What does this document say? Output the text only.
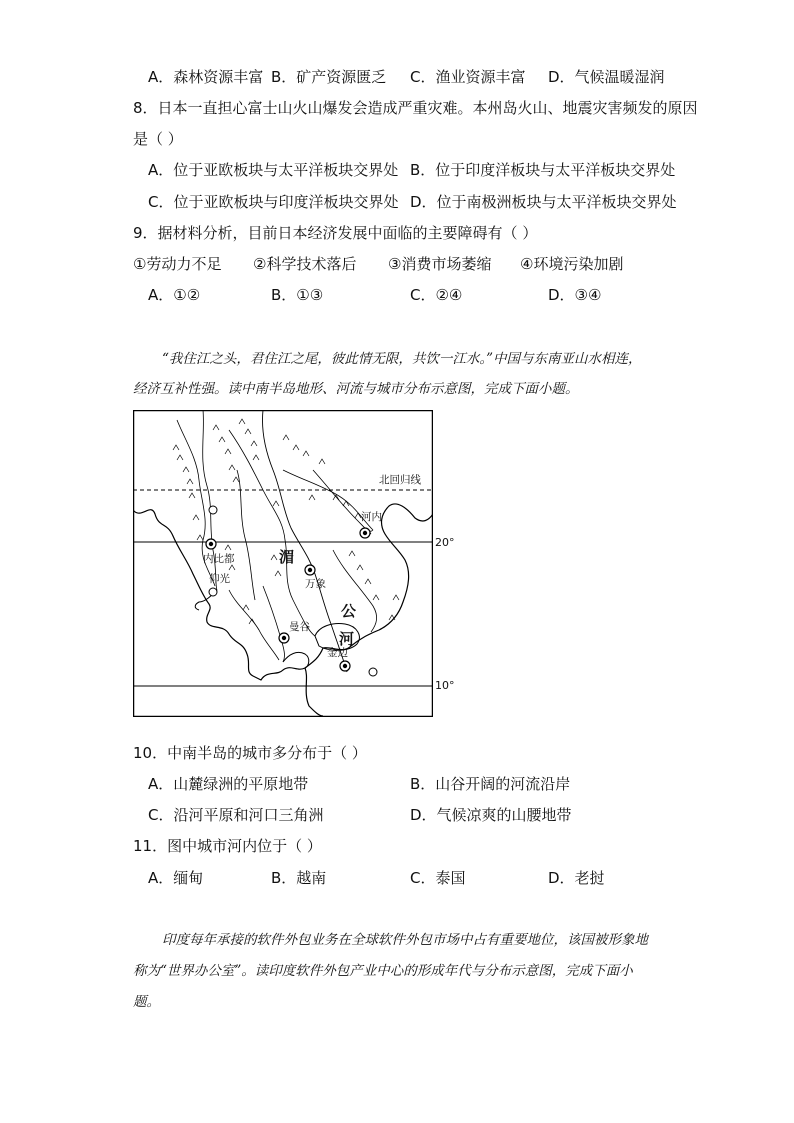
A．森林资源丰富 B．矿产资源匮乏 C．渔业资源丰富 D．气候温暖湿润
8．日本一直担心富士山火山爆发会造成严重灾难。本州岛火山、地震灾害频发的原因
是（ ）
A．位于亚欧板块与太平洋板块交界处 B．位于印度洋板块与太平洋板块交界处
C．位于亚欧板块与印度洋板块交界处 D．位于南极洲板块与太平洋板块交界处
9．据材料分析，目前日本经济发展中面临的主要障碍有（ ）
①劳动力不足 ②科学技术落后 ③消费市场萎缩 ④环境污染加剧
A．①②	B．①③	C．②④	D．③④
“我住江之头，君住江之尾，彼此情无限，共饮一江水。”中国与东南亚山水相连，
经济互补性强。读中南半岛地形、河流与城市分布示意图，完成下面小题。
北回归线
湄
公
河
内比都
仰光	万象
河内
曼谷
金边
20°
10°
10．中南半岛的城市多分布于（ ）
A．山麓绿洲的平原地带	B．山谷开阔的河流沿岸
C．沿河平原和河口三角洲	D．气候凉爽的山腰地带
11．图中城市河内位于（ ）
A．缅甸	B．越南	C．泰国	D．老挝
印度每年承接的软件外包业务在全球软件外包市场中占有重要地位，该国被形象地
称为“世界办公室”。读印度软件外包产业中心的形成年代与分布示意图，完成下面小
题。
